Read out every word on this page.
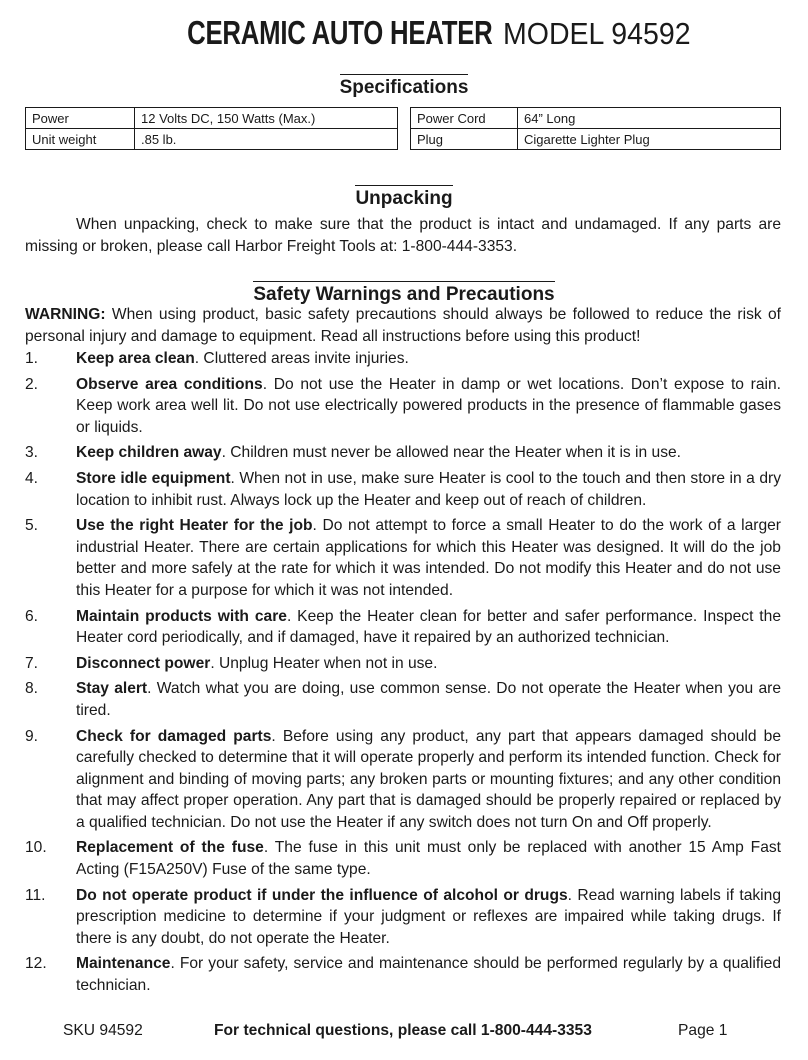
CERAMIC AUTO HEATER MODEL 94592
Specifications
Power	12 Volts DC, 150 Watts (Max.)
Unit weight	.85 lb.
Power Cord	64” Long
Plug	Cigarette Lighter Plug
Unpacking
When unpacking, check to make sure that the product is intact and undamaged. If any parts are missing or broken, please call Harbor Freight Tools at: 1-800-444-3353.
Safety Warnings and Precautions
WARNING: When using product, basic safety precautions should always be followed to reduce the risk of personal injury and damage to equipment. Read all instructions before using this product!
1. Keep area clean. Cluttered areas invite injuries.
2. Observe area conditions. Do not use the Heater in damp or wet locations. Don’t expose to rain. Keep work area well lit. Do not use electrically powered products in the presence of flammable gases or liquids.
3. Keep children away. Children must never be allowed near the Heater when it is in use.
4. Store idle equipment. When not in use, make sure Heater is cool to the touch and then store in a dry location to inhibit rust. Always lock up the Heater and keep out of reach of children.
5. Use the right Heater for the job. Do not attempt to force a small Heater to do the work of a larger industrial Heater. There are certain applications for which this Heater was designed. It will do the job better and more safely at the rate for which it was intended. Do not modify this Heater and do not use this Heater for a purpose for which it was not intended.
6. Maintain products with care. Keep the Heater clean for better and safer performance. Inspect the Heater cord periodically, and if damaged, have it repaired by an authorized technician.
7. Disconnect power. Unplug Heater when not in use.
8. Stay alert. Watch what you are doing, use common sense. Do not operate the Heater when you are tired.
9. Check for damaged parts. Before using any product, any part that appears damaged should be carefully checked to determine that it will operate properly and perform its intended function. Check for alignment and binding of moving parts; any broken parts or mounting fixtures; and any other condition that may affect proper operation. Any part that is damaged should be properly repaired or replaced by a qualified technician. Do not use the Heater if any switch does not turn On and Off properly.
10. Replacement of the fuse. The fuse in this unit must only be replaced with another 15 Amp Fast Acting (F15A250V) Fuse of the same type.
11. Do not operate product if under the influence of alcohol or drugs. Read warning labels if taking prescription medicine to determine if your judgment or reflexes are impaired while taking drugs. If there is any doubt, do not operate the Heater.
12. Maintenance. For your safety, service and maintenance should be performed regularly by a qualified technician.
SKU 94592	For technical questions, please call 1-800-444-3353	Page 1
